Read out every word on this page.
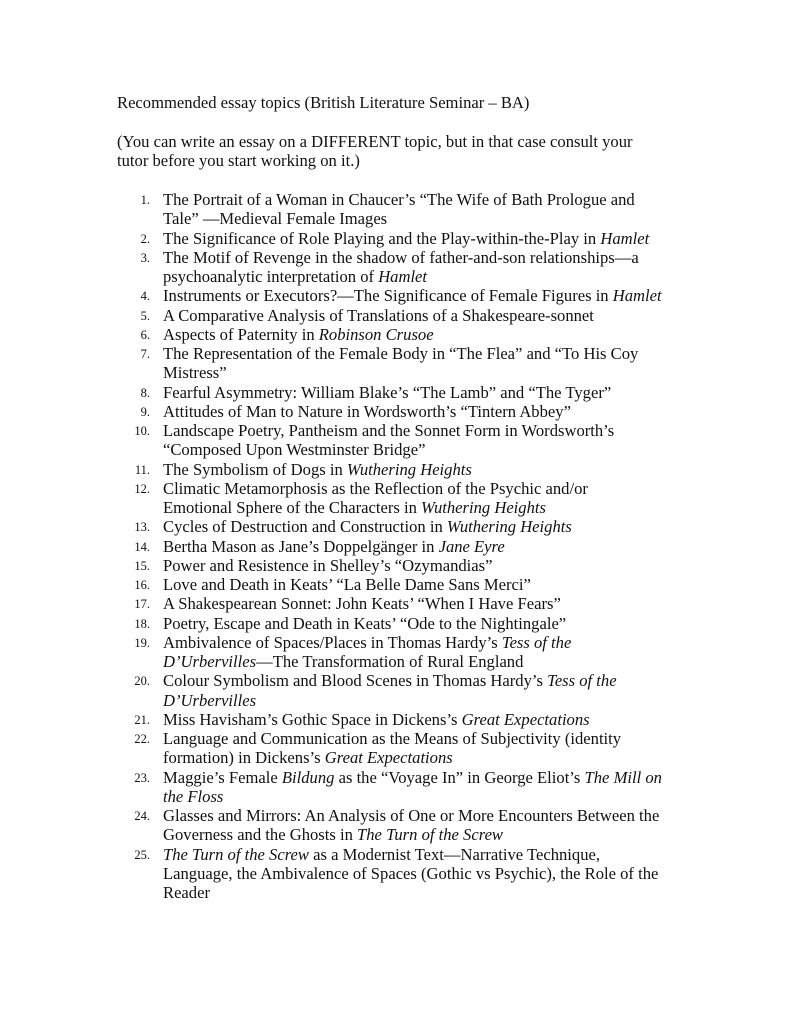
Recommended essay topics (British Literature Seminar – BA)
(You can write an essay on a DIFFERENT topic, but in that case consult your
tutor before you start working on it.)
1. The Portrait of a Woman in Chaucer’s “The Wife of Bath Prologue and
Tale” —Medieval Female Images
2. The Significance of Role Playing and the Play-within-the-Play in Hamlet
3. The Motif of Revenge in the shadow of father-and-son relationships—a
psychoanalytic interpretation of Hamlet
4. Instruments or Executors?—The Significance of Female Figures in Hamlet
5. A Comparative Analysis of Translations of a Shakespeare-sonnet
6. Aspects of Paternity in Robinson Crusoe
7. The Representation of the Female Body in “The Flea” and “To His Coy
Mistress”
8. Fearful Asymmetry: William Blake’s “The Lamb” and “The Tyger”
9. Attitudes of Man to Nature in Wordsworth’s “Tintern Abbey”
10. Landscape Poetry, Pantheism and the Sonnet Form in Wordsworth’s
“Composed Upon Westminster Bridge”
11. The Symbolism of Dogs in Wuthering Heights
12. Climatic Metamorphosis as the Reflection of the Psychic and/or
Emotional Sphere of the Characters in Wuthering Heights
13. Cycles of Destruction and Construction in Wuthering Heights
14. Bertha Mason as Jane’s Doppelgänger in Jane Eyre
15. Power and Resistence in Shelley’s “Ozymandias”
16. Love and Death in Keats’ “La Belle Dame Sans Merci”
17. A Shakespearean Sonnet: John Keats’ “When I Have Fears”
18. Poetry, Escape and Death in Keats’ “Ode to the Nightingale”
19. Ambivalence of Spaces/Places in Thomas Hardy’s Tess of the
D’Urbervilles—The Transformation of Rural England
20. Colour Symbolism and Blood Scenes in Thomas Hardy’s Tess of the
D’Urbervilles
21. Miss Havisham’s Gothic Space in Dickens’s Great Expectations
22. Language and Communication as the Means of Subjectivity (identity
formation) in Dickens’s Great Expectations
23. Maggie’s Female Bildung as the “Voyage In” in George Eliot’s The Mill on
the Floss
24. Glasses and Mirrors: An Analysis of One or More Encounters Between the
Governess and the Ghosts in The Turn of the Screw
25. The Turn of the Screw as a Modernist Text—Narrative Technique,
Language, the Ambivalence of Spaces (Gothic vs Psychic), the Role of the
Reader
